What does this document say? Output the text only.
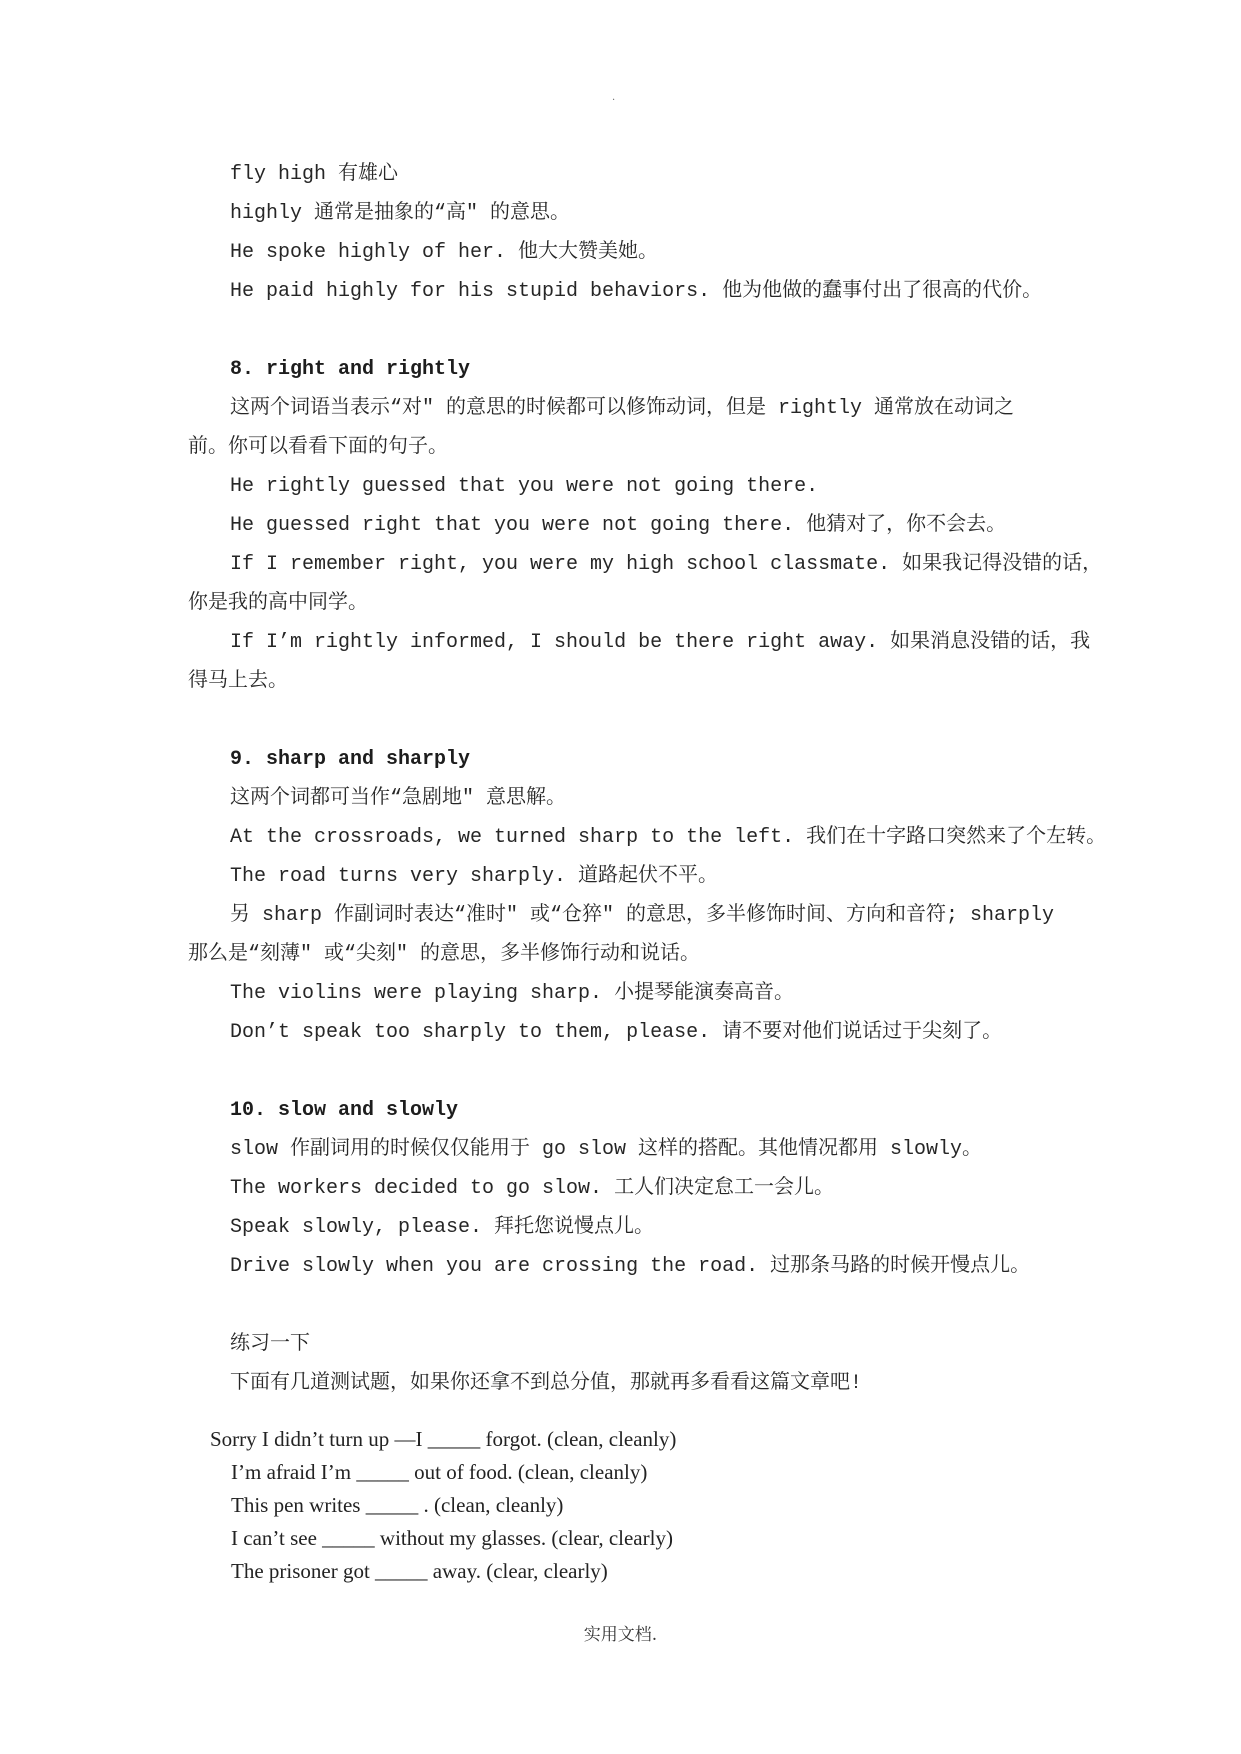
.
fly high 有雄心
highly 通常是抽象的“高″ 的意思。
He spoke highly of her. 他大大赞美她。
He paid highly for his stupid behaviors. 他为他做的蠢事付出了很高的代价。
8. right and rightly
这两个词语当表示“对″ 的意思的时候都可以修饰动词，但是 rightly 通常放在动词之
前。你可以看看下面的句子。
He rightly guessed that you were not going there.
He guessed right that you were not going there. 他猜对了，你不会去。
If I remember right, you were my high school classmate. 如果我记得没错的话，
你是我的高中同学。
If I’m rightly informed, I should be there right away. 如果消息没错的话，我
得马上去。
9. sharp and sharply
这两个词都可当作“急剧地″ 意思解。
At the crossroads, we turned sharp to the left. 我们在十字路口突然来了个左转。
The road turns very sharply. 道路起伏不平。
另 sharp 作副词时表达“准时″ 或“仓猝″ 的意思，多半修饰时间、方向和音符; sharply
那么是“刻薄″ 或“尖刻″ 的意思，多半修饰行动和说话。
The violins were playing sharp. 小提琴能演奏高音。
Don’t speak too sharply to them, please. 请不要对他们说话过于尖刻了。
10. slow and slowly
slow 作副词用的时候仅仅能用于 go slow 这样的搭配。其他情况都用 slowly。
The workers decided to go slow. 工人们决定怠工一会儿。
Speak slowly, please. 拜托您说慢点儿。
Drive slowly when you are crossing the road. 过那条马路的时候开慢点儿。
练习一下
下面有几道测试题，如果你还拿不到总分值，那就再多看看这篇文章吧!
Sorry I didn’t turn up —I _____ forgot. (clean, cleanly)
I’m afraid I’m _____ out of food. (clean, cleanly)
This pen writes _____ . (clean, cleanly)
I can’t see _____ without my glasses. (clear, clearly)
The prisoner got _____ away. (clear, clearly)
实用文档.
